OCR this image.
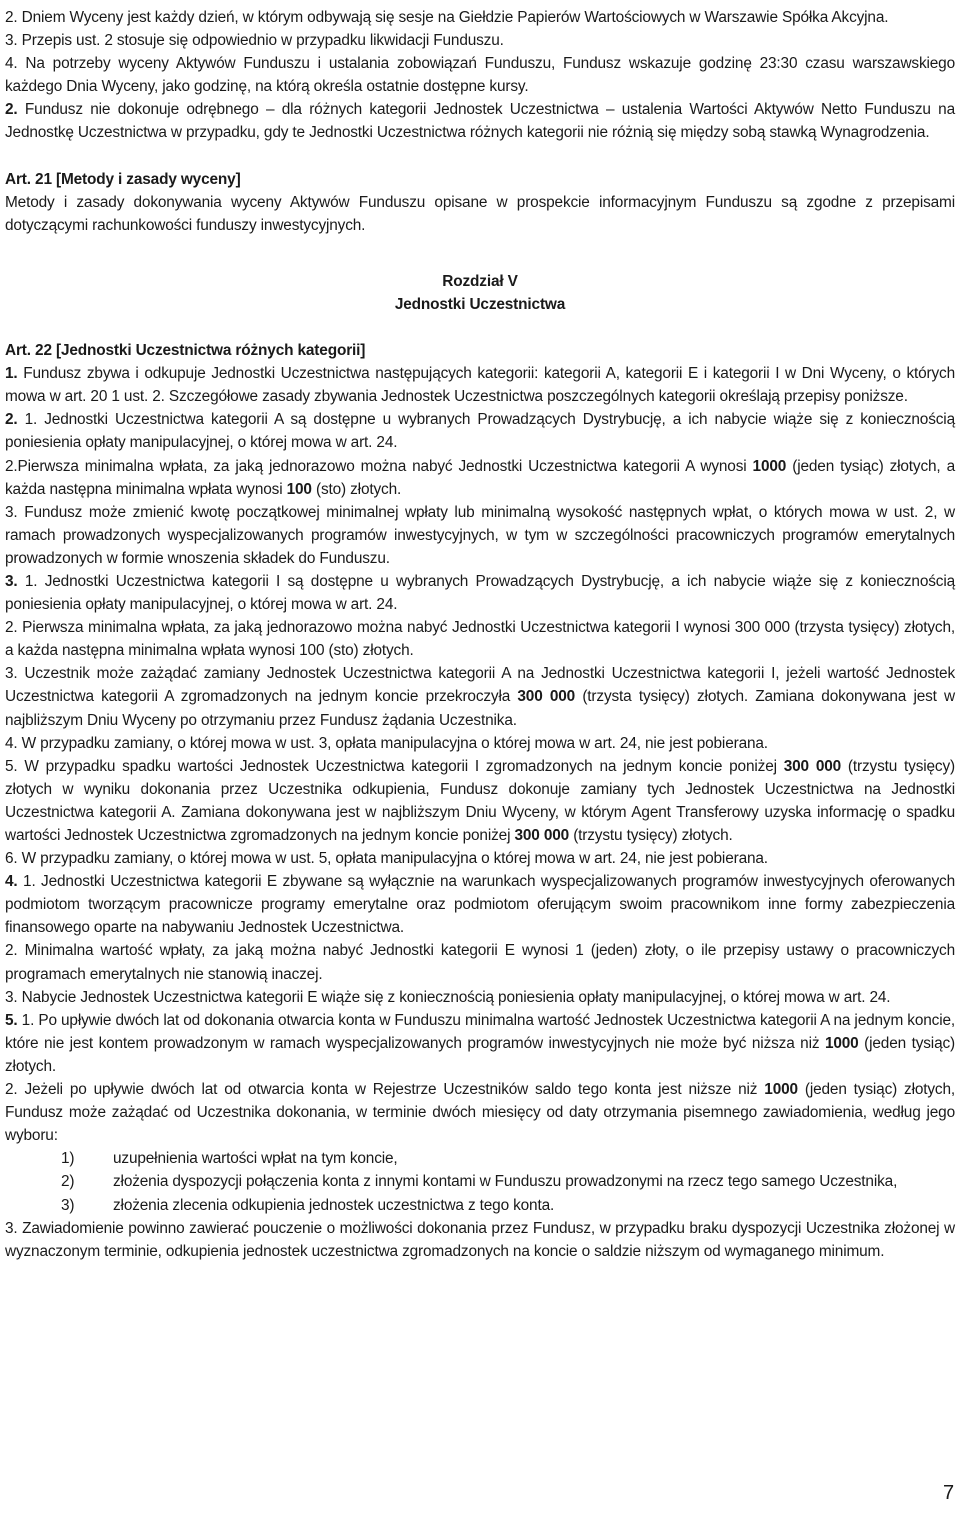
2. Dniem Wyceny jest każdy dzień, w którym odbywają się sesje na Giełdzie Papierów Wartościowych w Warszawie Spółka Akcyjna.

3. Przepis ust. 2 stosuje się odpowiednio w przypadku likwidacji Funduszu.

4. Na potrzeby wyceny Aktywów Funduszu i ustalania zobowiązań Funduszu, Fundusz wskazuje godzinę 23:30 czasu warszawskiego każdego Dnia Wyceny, jako godzinę, na którą określa ostatnie dostępne kursy.

2. Fundusz nie dokonuje odrębnego – dla różnych kategorii Jednostek Uczestnictwa – ustalenia Wartości Aktywów Netto Funduszu na Jednostkę Uczestnictwa w przypadku, gdy te Jednostki Uczestnictwa różnych kategorii nie różnią się między sobą stawką Wynagrodzenia.

Art. 21 [Metody i zasady wyceny]

Metody i zasady dokonywania wyceny Aktywów Funduszu opisane w prospekcie informacyjnym Funduszu są zgodne z przepisami dotyczącymi rachunkowości funduszy inwestycyjnych.

Rozdział V

Jednostki Uczestnictwa

Art. 22 [Jednostki Uczestnictwa różnych kategorii]

1. Fundusz zbywa i odkupuje Jednostki Uczestnictwa następujących kategorii: kategorii A, kategorii E i kategorii I w Dni Wyceny, o których mowa w art. 20 1 ust. 2. Szczegółowe zasady zbywania Jednostek Uczestnictwa poszczególnych kategorii określają przepisy poniższe.

2. 1. Jednostki Uczestnictwa kategorii A są dostępne u wybranych Prowadzących Dystrybucję, a ich nabycie wiąże się z koniecznością poniesienia opłaty manipulacyjnej, o której mowa w art. 24.

2.Pierwsza minimalna wpłata, za jaką jednorazowo można nabyć Jednostki Uczestnictwa kategorii A wynosi 1000 (jeden tysiąc) złotych, a każda następna minimalna wpłata wynosi 100 (sto) złotych.

3. Fundusz może zmienić kwotę początkowej minimalnej wpłaty lub minimalną wysokość następnych wpłat, o których mowa w ust. 2, w ramach prowadzonych wyspecjalizowanych programów inwestycyjnych, w tym w szczególności pracowniczych programów emerytalnych prowadzonych w formie wnoszenia składek do Funduszu.

3. 1. Jednostki Uczestnictwa kategorii I są dostępne u wybranych Prowadzących Dystrybucję, a ich nabycie wiąże się z koniecznością poniesienia opłaty manipulacyjnej, o której mowa w art. 24.

2. Pierwsza minimalna wpłata, za jaką jednorazowo można nabyć Jednostki Uczestnictwa kategorii I wynosi 300 000 (trzysta tysięcy) złotych, a każda następna minimalna wpłata wynosi 100 (sto) złotych.

3. Uczestnik może zażądać zamiany Jednostek Uczestnictwa kategorii A na Jednostki Uczestnictwa kategorii I, jeżeli wartość Jednostek Uczestnictwa kategorii A zgromadzonych na jednym koncie przekroczyła 300 000 (trzysta tysięcy) złotych. Zamiana dokonywana jest w najbliższym Dniu Wyceny po otrzymaniu przez Fundusz żądania Uczestnika.

4. W przypadku zamiany, o której mowa w ust. 3, opłata manipulacyjna o której mowa w art. 24, nie jest pobierana.

5. W przypadku spadku wartości Jednostek Uczestnictwa kategorii I zgromadzonych na jednym koncie poniżej 300 000 (trzystu tysięcy) złotych w wyniku dokonania przez Uczestnika odkupienia, Fundusz dokonuje zamiany tych Jednostek Uczestnictwa na Jednostki Uczestnictwa kategorii A. Zamiana dokonywana jest w najbliższym Dniu Wyceny, w którym Agent Transferowy uzyska informację o spadku wartości Jednostek Uczestnictwa zgromadzonych na jednym koncie poniżej 300 000 (trzystu tysięcy) złotych.

6. W przypadku zamiany, o której mowa w ust. 5, opłata manipulacyjna o której mowa w art. 24, nie jest pobierana.

4. 1. Jednostki Uczestnictwa kategorii E zbywane są wyłącznie na warunkach wyspecjalizowanych programów inwestycyjnych oferowanych podmiotom tworzącym pracownicze programy emerytalne oraz podmiotom oferującym swoim pracownikom inne formy zabezpieczenia finansowego oparte na nabywaniu Jednostek Uczestnictwa.

2. Minimalna wartość wpłaty, za jaką można nabyć Jednostki kategorii E wynosi 1 (jeden) złoty, o ile przepisy ustawy o pracowniczych programach emerytalnych nie stanowią inaczej.

3. Nabycie Jednostek Uczestnictwa kategorii E wiąże się z koniecznością poniesienia opłaty manipulacyjnej, o której mowa w art. 24.

5. 1. Po upływie dwóch lat od dokonania otwarcia konta w Funduszu minimalna wartość Jednostek Uczestnictwa kategorii A na jednym koncie, które nie jest kontem prowadzonym w ramach wyspecjalizowanych programów inwestycyjnych nie może być niższa niż 1000 (jeden tysiąc) złotych.

2. Jeżeli po upływie dwóch lat od otwarcia konta w Rejestrze Uczestników saldo tego konta jest niższe niż 1000 (jeden tysiąc) złotych, Fundusz może zażądać od Uczestnika dokonania, w terminie dwóch miesięcy od daty otrzymania pisemnego zawiadomienia, według jego wyboru:

1)	uzupełnienia wartości wpłat na tym koncie,
2)	złożenia dyspozycji połączenia konta z innymi kontami w Funduszu prowadzonymi na rzecz tego samego Uczestnika,
3)	złożenia zlecenia odkupienia jednostek uczestnictwa z tego konta.

3. Zawiadomienie powinno zawierać pouczenie o możliwości dokonania przez Fundusz, w przypadku braku dyspozycji Uczestnika złożonej w wyznaczonym terminie, odkupienia jednostek uczestnictwa zgromadzonych na koncie o saldzie niższym od wymaganego minimum.

7
